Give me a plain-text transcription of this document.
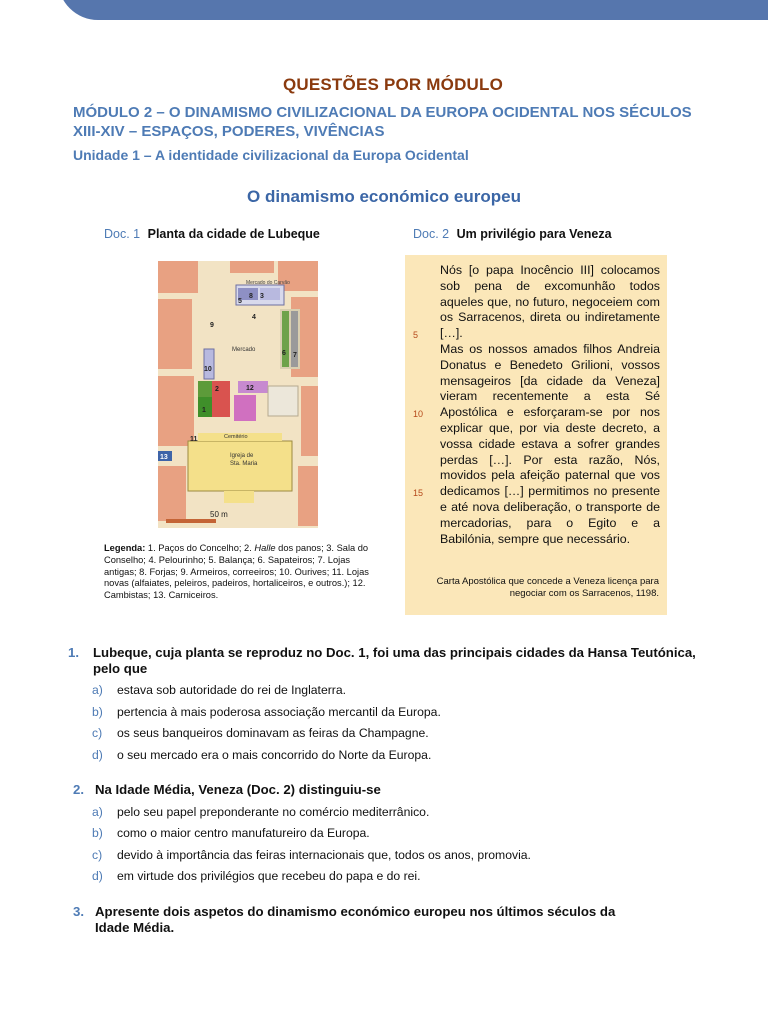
QUESTÕES POR MÓDULO
MÓDULO 2 – O DINAMISMO CIVILIZACIONAL DA EUROPA OCIDENTAL NOS SÉCULOS XIII-XIV – ESPAÇOS, PODERES, VIVÊNCIAS
Unidade 1 – A identidade civilizacional da Europa Ocidental
O dinamismo económico europeu
Doc. 1 Planta da cidade de Lubeque	Doc. 2 Um privilégio para Veneza
Mercado do Carvão
Mercado
Cemitério
Igreja de
Sta. Maria
50 m
1
2
3
4
5
6 7
8
9
10
11
12
13
Legenda: 1. Paços do Concelho; 2. Halle dos panos; 3. Sala do Conselho; 4. Pelourinho; 5. Balança; 6. Sapateiros; 7. Lojas antigas; 8. Forjas; 9. Armeiros, correeiros; 10. Ourives; 11. Lojas novas (alfaiates, peleiros, padeiros, hortaliceiros, e outros.); 12. Cambistas; 13. Carniceiros.
5
10
15

Nós [o papa Inocêncio III] colocamos sob pena de excomunhão todos aqueles que, no futuro, negoceiem com os Sarracenos, direta ou indiretamente […].

Mas os nossos amados filhos Andreia Donatus e Benedeto Grilioni, vossos mensageiros [da cidade da Veneza] vieram recentemente a esta Sé Apostólica e esforçaram-se por nos explicar que, por via deste decreto, a vossa cidade estava a sofrer grandes perdas […]. Por esta razão, Nós, movidos pela afeição paternal que vos dedicamos […] permitimos no presente e até nova deliberação, o transporte de mercadorias, para o Egito e a Babilónia, sempre que necessário.

Carta Apostólica que concede a Veneza licença para negociar com os Sarracenos, 1198.
1. Lubeque, cuja planta se reproduz no Doc. 1, foi uma das principais cidades da Hansa Teutónica, pelo que
a) estava sob autoridade do rei de Inglaterra.
b) pertencia à mais poderosa associação mercantil da Europa.
c) os seus banqueiros dominavam as feiras da Champagne.
d) o seu mercado era o mais concorrido do Norte da Europa.
2. Na Idade Média, Veneza (Doc. 2) distinguiu-se
a) pelo seu papel preponderante no comércio mediterrânico.
b) como o maior centro manufatureiro da Europa.
c) devido à importância das feiras internacionais que, todos os anos, promovia.
d) em virtude dos privilégios que recebeu do papa e do rei.
3. Apresente dois aspetos do dinamismo económico europeu nos últimos séculos da Idade Média.
